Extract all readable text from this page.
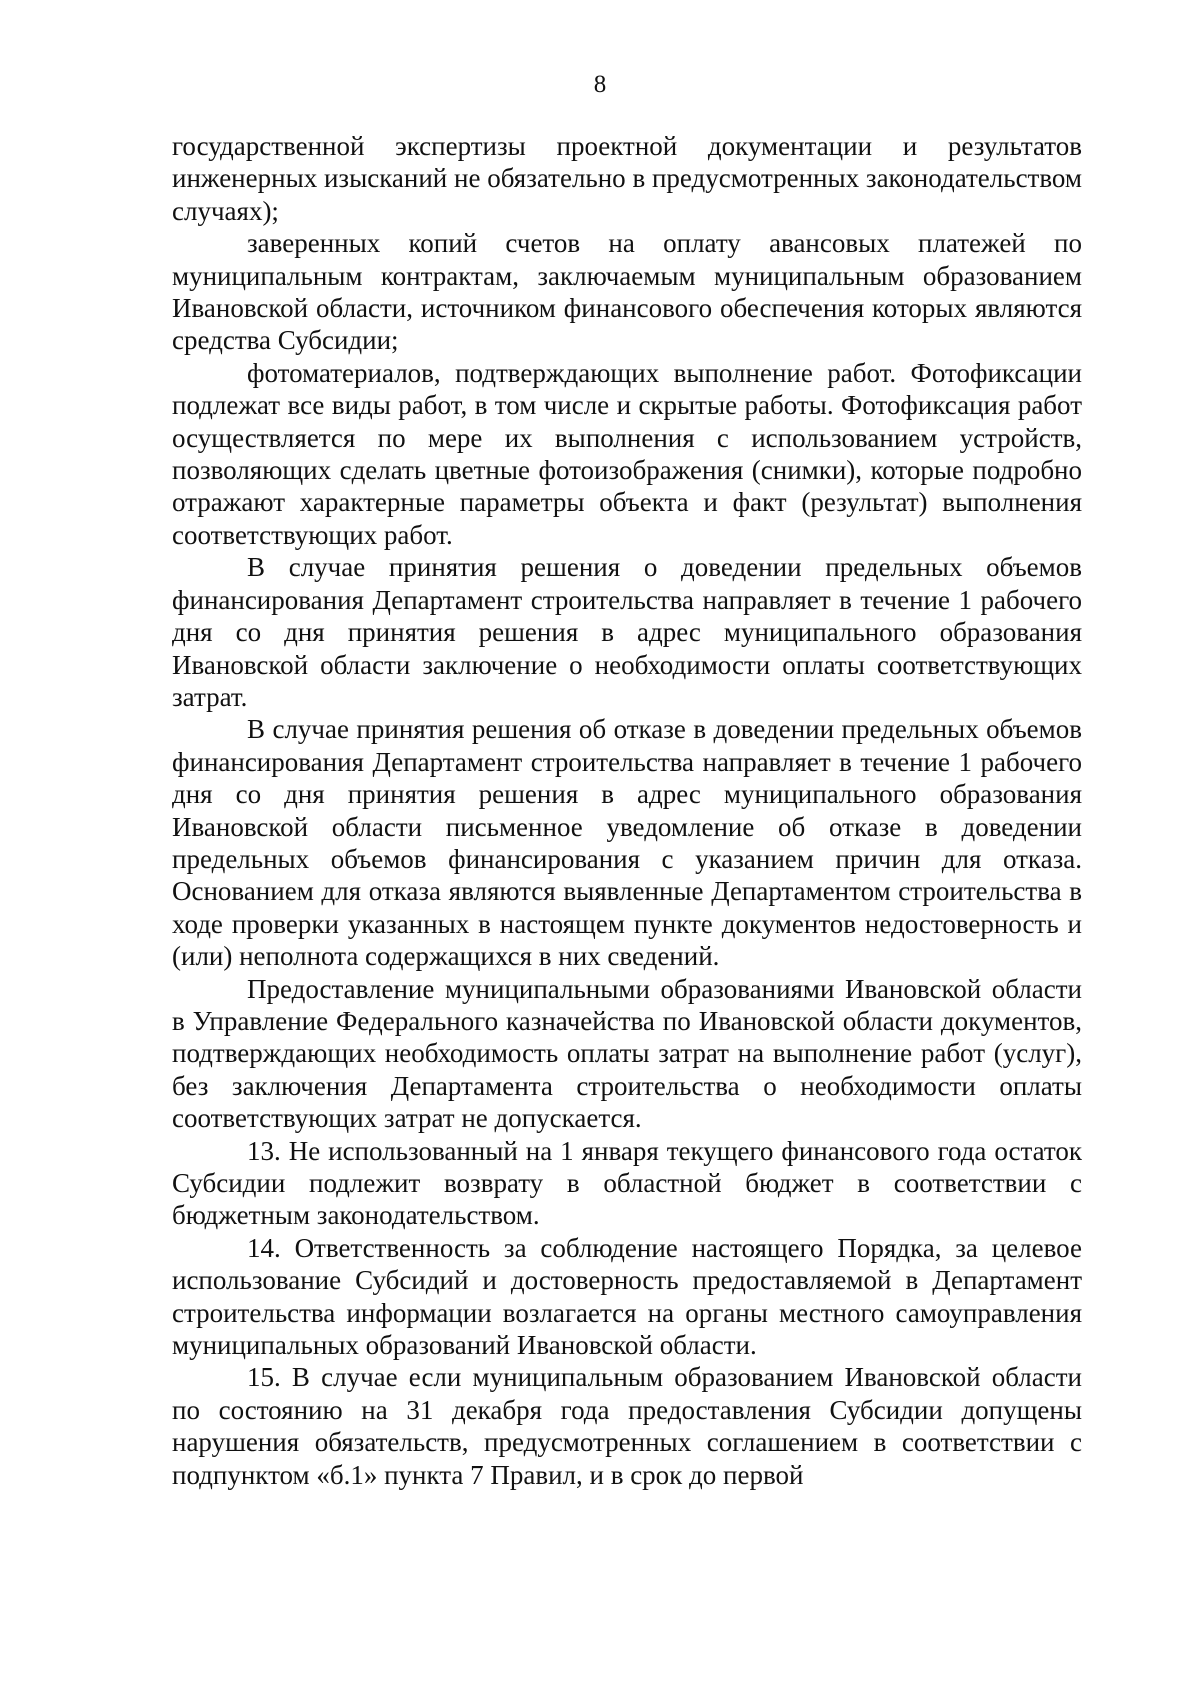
8

государственной экспертизы проектной документации и результатов инженерных изысканий не обязательно в предусмотренных законодательством случаях);

заверенных копий счетов на оплату авансовых платежей по муниципальным контрактам, заключаемым муниципальным образованием Ивановской области, источником финансового обеспечения которых являются средства Субсидии;

фотоматериалов, подтверждающих выполнение работ. Фотофиксации подлежат все виды работ, в том числе и скрытые работы. Фотофиксация работ осуществляется по мере их выполнения с использованием устройств, позволяющих сделать цветные фотоизображения (снимки), которые подробно отражают характерные параметры объекта и факт (результат) выполнения соответствующих работ.

В случае принятия решения о доведении предельных объемов финансирования Департамент строительства направляет в течение 1 рабочего дня со дня принятия решения в адрес муниципального образования Ивановской области заключение о необходимости оплаты соответствующих затрат.

В случае принятия решения об отказе в доведении предельных объемов финансирования Департамент строительства направляет в течение 1 рабочего дня со дня принятия решения в адрес муниципального образования Ивановской области письменное уведомление об отказе в доведении предельных объемов финансирования с указанием причин для отказа. Основанием для отказа являются выявленные Департаментом строительства в ходе проверки указанных в настоящем пункте документов недостоверность и (или) неполнота содержащихся в них сведений.

Предоставление муниципальными образованиями Ивановской области в Управление Федерального казначейства по Ивановской области документов, подтверждающих необходимость оплаты затрат на выполнение работ (услуг), без заключения Департамента строительства о необходимости оплаты соответствующих затрат не допускается.

13. Не использованный на 1 января текущего финансового года остаток Субсидии подлежит возврату в областной бюджет в соответствии с бюджетным законодательством.

14. Ответственность за соблюдение настоящего Порядка, за целевое использование Субсидий и достоверность предоставляемой в Департамент строительства информации возлагается на органы местного самоуправления муниципальных образований Ивановской области.

15. В случае если муниципальным образованием Ивановской области по состоянию на 31 декабря года предоставления Субсидии допущены нарушения обязательств, предусмотренных соглашением в соответствии с подпунктом «б.1» пункта 7 Правил, и в срок до первой
